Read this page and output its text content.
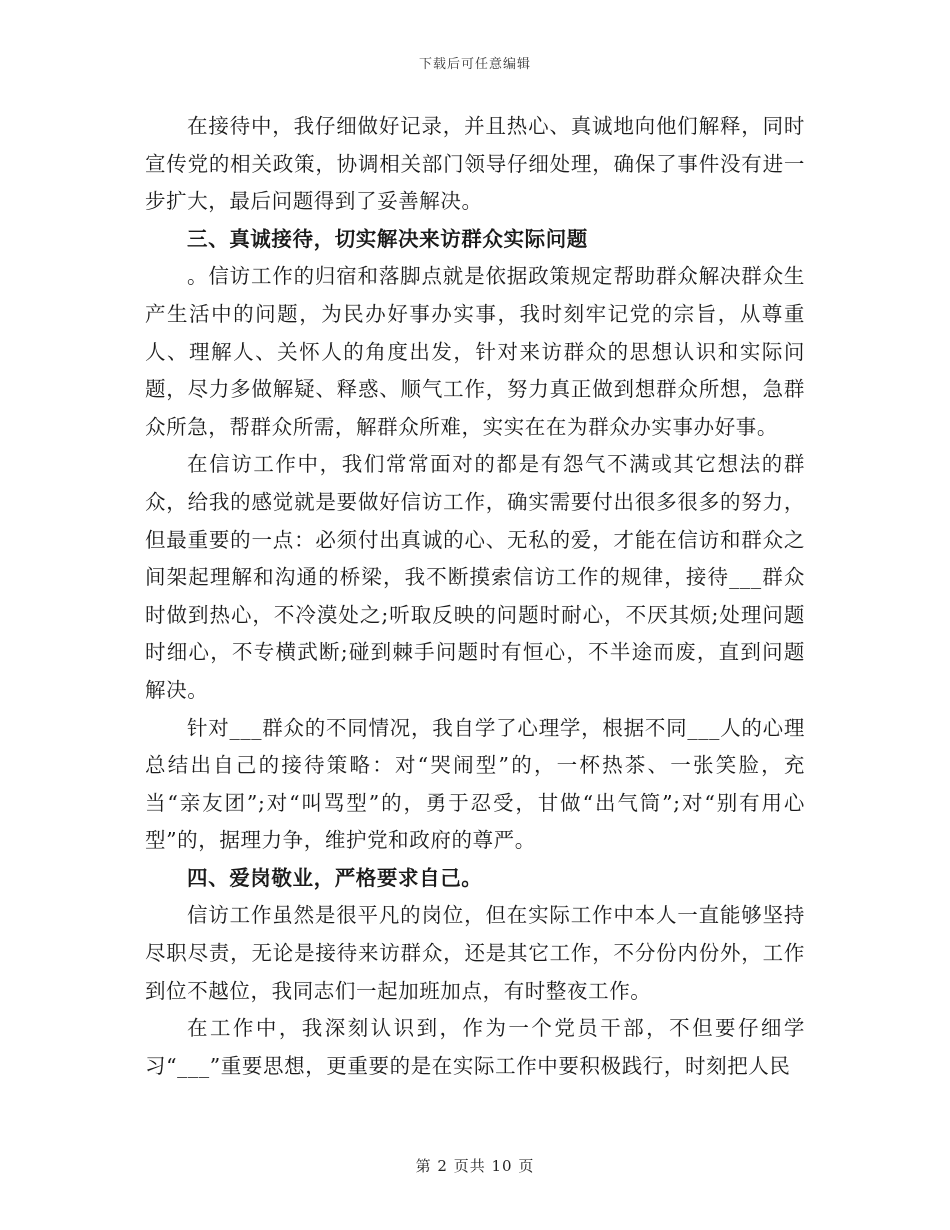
下载后可任意编辑

在接待中，我仔细做好记录，并且热心、真诚地向他们解释，同时宣传党的相关政策，协调相关部门领导仔细处理，确保了事件没有进一步扩大，最后问题得到了妥善解决。

三、真诚接待，切实解决来访群众实际问题

。信访工作的归宿和落脚点就是依据政策规定帮助群众解决群众生产生活中的问题，为民办好事办实事，我时刻牢记党的宗旨，从尊重人、理解人、关怀人的角度出发，针对来访群众的思想认识和实际问题，尽力多做解疑、释惑、顺气工作，努力真正做到想群众所想，急群众所急，帮群众所需，解群众所难，实实在在为群众办实事办好事。

在信访工作中，我们常常面对的都是有怨气不满或其它想法的群众，给我的感觉就是要做好信访工作，确实需要付出很多很多的努力，但最重要的一点：必须付出真诚的心、无私的爱，才能在信访和群众之间架起理解和沟通的桥梁，我不断摸索信访工作的规律，接待___群众时做到热心，不冷漠处之;听取反映的问题时耐心，不厌其烦;处理问题时细心，不专横武断;碰到棘手问题时有恒心，不半途而废，直到问题解决。

针对___群众的不同情况，我自学了心理学，根据不同___人的心理总结出自己的接待策略：对“哭闹型”的，一杯热茶、一张笑脸，充当“亲友团”;对“叫骂型”的，勇于忍受，甘做“出气筒”;对“别有用心型”的，据理力争，维护党和政府的尊严。

四、爱岗敬业，严格要求自己。

信访工作虽然是很平凡的岗位，但在实际工作中本人一直能够坚持尽职尽责，无论是接待来访群众，还是其它工作，不分份内份外，工作到位不越位，我同志们一起加班加点，有时整夜工作。

在工作中，我深刻认识到，作为一个党员干部，不但要仔细学习“___”重要思想，更重要的是在实际工作中要积极践行，时刻把人民

第 2 页共 10 页
